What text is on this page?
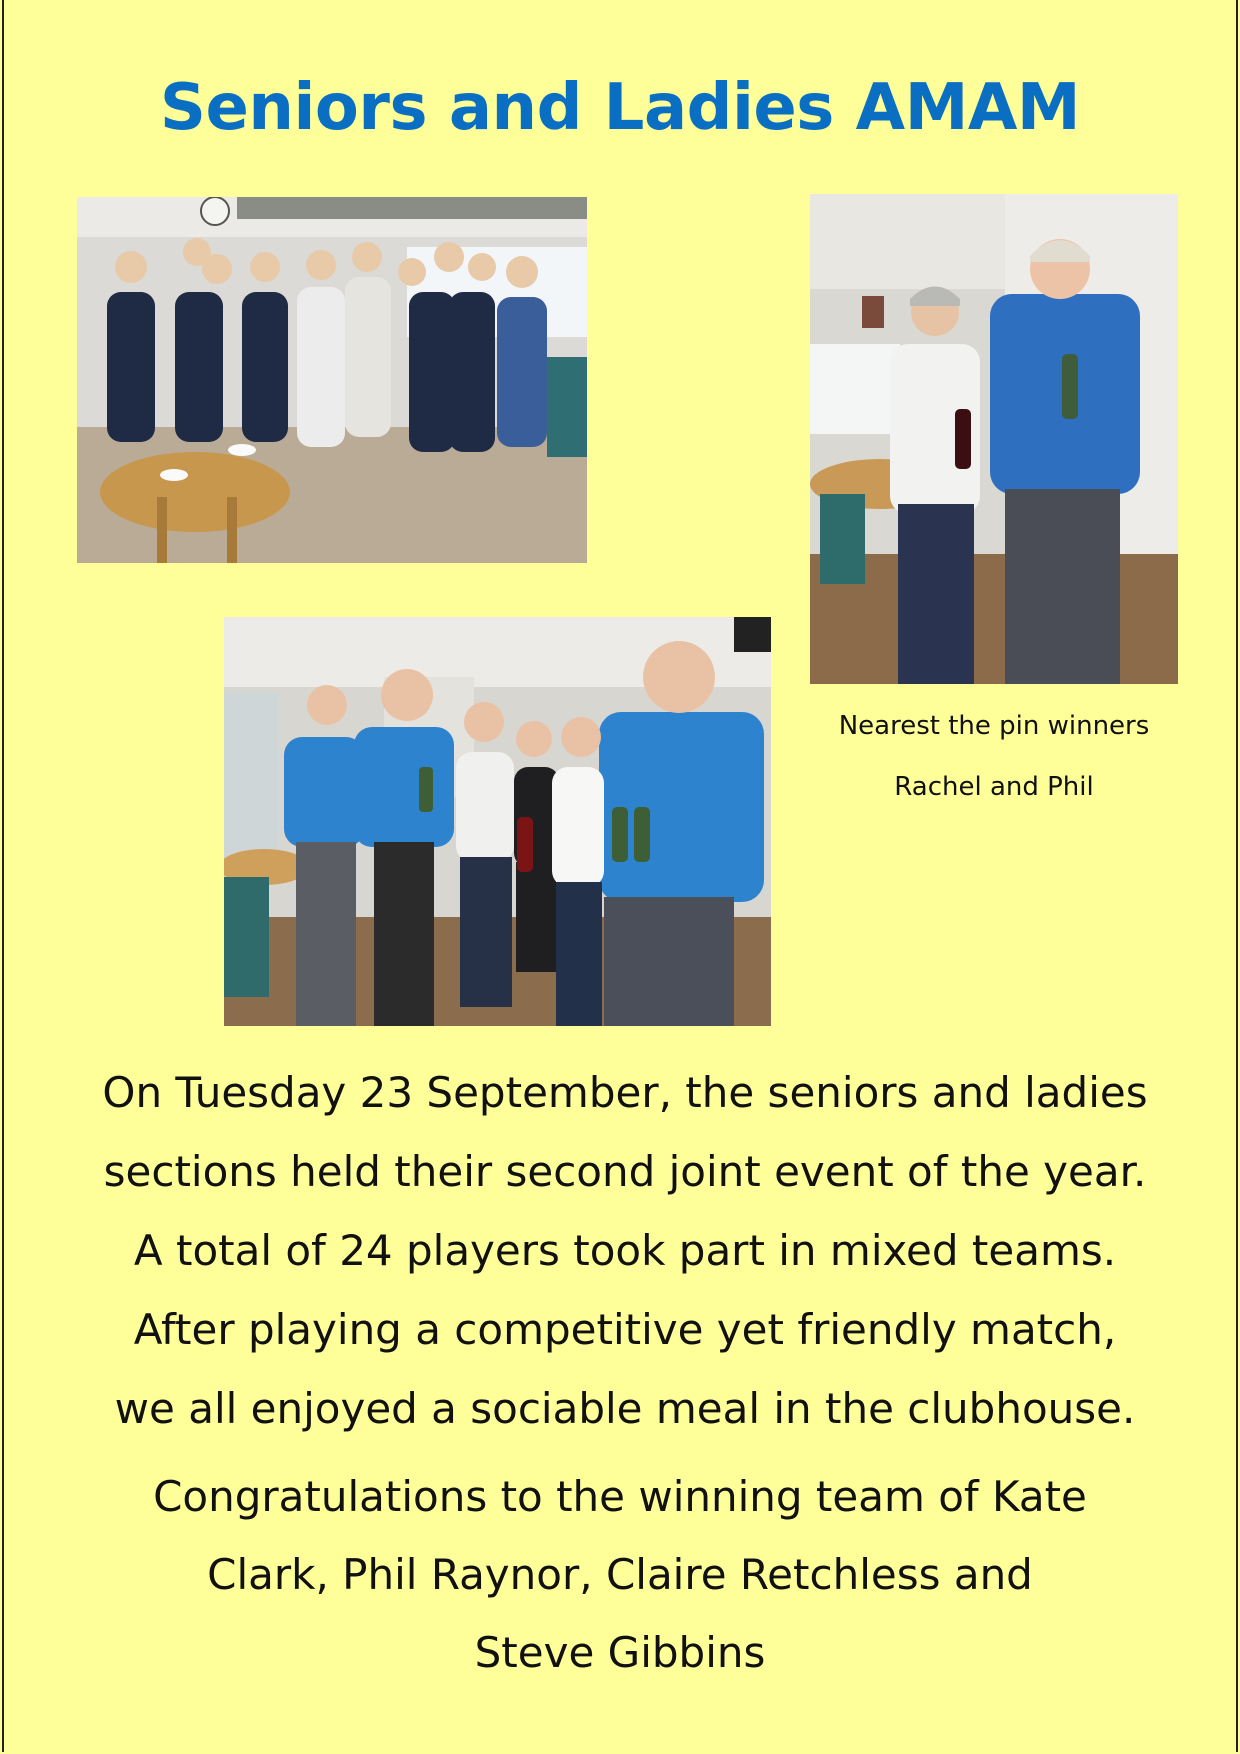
Seniors and Ladies AMAM
Nearest the pin winners
Rachel and Phil
On Tuesday 23 September, the seniors and ladies
sections held their second joint event of the year.
A total of 24 players took part in mixed teams.
After playing a competitive yet friendly match,
we all enjoyed a sociable meal in the clubhouse.
Congratulations to the winning team of Kate
Clark, Phil Raynor, Claire Retchless and
Steve Gibbins
